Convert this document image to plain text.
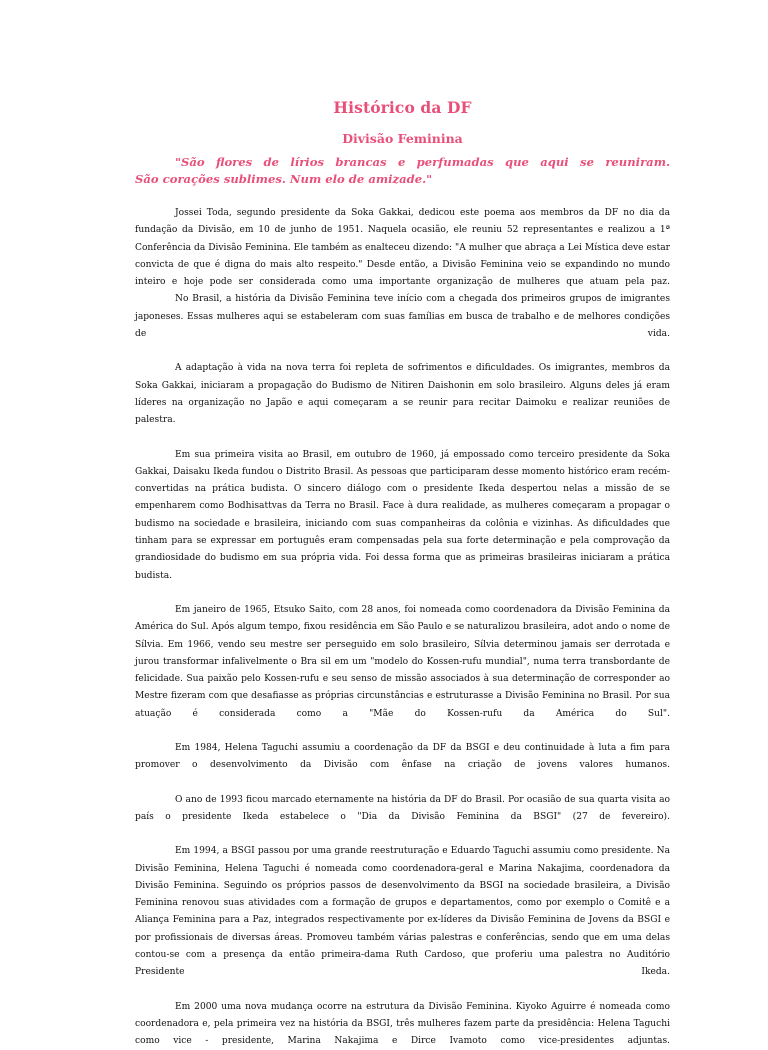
Histórico da DF
Divisão Feminina
"São flores de lírios brancas e perfumadas que aqui se reuniram.
São corações sublimes. Num elo de amizade."

Jossei Toda, segundo presidente da Soka Gakkai, dedicou este poema aos membros da DF no dia da fundação da Divisão, em 10 de junho de 1951. Naquela ocasião, ele reuniu 52 representantes e realizou a 1ª Conferência da Divisão Feminina. Ele também as enalteceu dizendo: "A mulher que abraça a Lei Mística deve estar convicta de que é digna do mais alto respeito." Desde então, a Divisão Feminina veio se expandindo no mundo inteiro e hoje pode ser considerada como uma importante organização de mulheres que atuam pela paz.

No Brasil, a história da Divisão Feminina teve início com a chegada dos primeiros grupos de imigrantes japoneses. Essas mulheres aqui se estabeleram com suas famílias em busca de trabalho e de melhores condições de vida.

A adaptação à vida na nova terra foi repleta de sofrimentos e dificuldades. Os imigrantes, membros da Soka Gakkai, iniciaram a propagação do Budismo de Nitiren Daishonin em solo brasileiro. Alguns deles já eram líderes na organização no Japão e aqui começaram a se reunir para recitar Daimoku e realizar reuniões de palestra.

Em sua primeira visita ao Brasil, em outubro de 1960, já empossado como terceiro presidente da Soka Gakkai, Daisaku Ikeda fundou o Distrito Brasil. As pessoas que participaram desse momento histórico eram recém-convertidas na prática budista. O sincero diálogo com o presidente Ikeda despertou nelas a missão de se empenharem como Bodhisattvas da Terra no Brasil. Face à dura realidade, as mulheres começaram a propagar o budismo na sociedade e brasileira, iniciando com suas companheiras da colônia e vizinhas. As dificuldades que tinham para se expressar em português eram compensadas pela sua forte determinação e pela comprovação da grandiosidade do budismo em sua própria vida. Foi dessa forma que as primeiras brasileiras iniciaram a prática budista.

Em janeiro de 1965, Etsuko Saito, com 28 anos, foi nomeada como coordenadora da Divisão Feminina da América do Sul. Após algum tempo, fixou residência em São Paulo e se naturalizou brasileira, adot ando o nome de Sílvia. Em 1966, vendo seu mestre ser perseguido em solo brasileiro, Sílvia determinou jamais ser derrotada e jurou transformar infalivelmente o Bra sil em um "modelo do Kossen-rufu mundial", numa terra transbordante de felicidade. Sua paixão pelo Kossen-rufu e seu senso de missão associados à sua determinação de corresponder ao Mestre fizeram com que desafiasse as próprias circunstâncias e estruturasse a Divisão Feminina no Brasil. Por sua atuação é considerada como a "Mãe do Kossen-rufu da América do Sul".

Em 1984, Helena Taguchi assumiu a coordenação da DF da BSGI e deu continuidade à luta a fim para promover o desenvolvimento da Divisão com ênfase na criação de jovens valores humanos.

O ano de 1993 ficou marcado eternamente na história da DF do Brasil. Por ocasião de sua quarta visita ao país o presidente Ikeda estabelece o "Dia da Divisão Feminina da BSGI" (27 de fevereiro).

Em 1994, a BSGI passou por uma grande reestruturação e Eduardo Taguchi assumiu como presidente. Na Divisão Feminina, Helena Taguchi é nomeada como coordenadora-geral e Marina Nakajima, coordenadora da Divisão Feminina. Seguindo os próprios passos de desenvolvimento da BSGI na sociedade brasileira, a Divisão Feminina renovou suas atividades com a formação de grupos e departamentos, como por exemplo o Comitê e a Aliança Feminina para a Paz, integrados respectivamente por ex-líderes da Divisão Feminina de Jovens da BSGI e por profissionais de diversas áreas. Promoveu também várias palestras e conferências, sendo que em uma delas contou-se com a presença da então primeira-dama Ruth Cardoso, que proferiu uma palestra no Auditório Presidente Ikeda.

Em 2000 uma nova mudança ocorre na estrutura da Divisão Feminina. Kiyoko Aguirre é nomeada como coordenadora e, pela primeira vez na história da BSGI, três mulheres fazem parte da presidência: Helena Taguchi como vice - presidente, Marina Nakajima e Dirce Ivamoto como vice-presidentes adjuntas.
